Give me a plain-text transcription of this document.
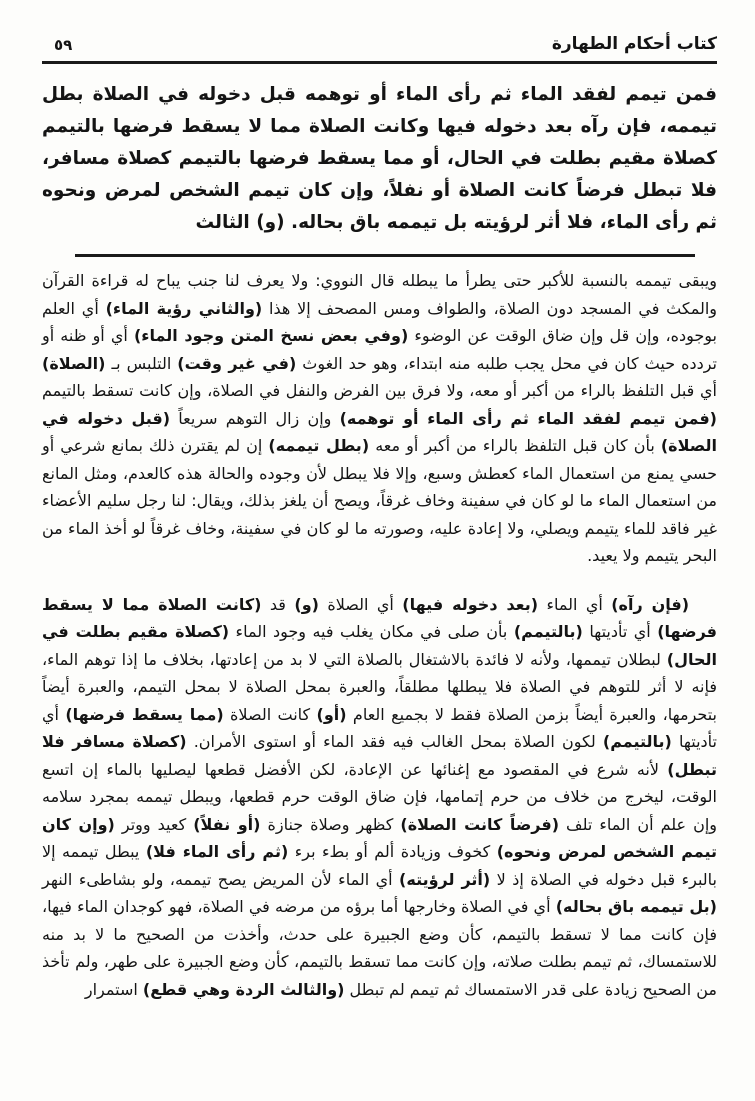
كتاب أحكام الطهارة
٥٩
فمن تيمم لفقد الماء ثم رأى الماء أو توهمه قبل دخوله في الصلاة بطل تيممه، فإن رآه بعد دخوله فيها وكانت الصلاة مما لا يسقط فرضها بالتيمم كصلاة مقيم بطلت في الحال، أو مما يسقط فرضها بالتيمم كصلاة مسافر، فلا تبطل فرضاً كانت الصلاة أو نفلاً، وإن كان تيمم الشخص لمرض ونحوه ثم رأى الماء، فلا أثر لرؤيته بل تيممه باق بحاله. (و) الثالث

ويبقى تيممه بالنسبة للأكبر حتى يطرأ ما يبطله قال النووي: ولا يعرف لنا جنب يباح له قراءة القرآن والمكث في المسجد دون الصلاة، والطواف ومس المصحف إلا هذا (والثاني رؤية الماء) أي العلم بوجوده، وإن قل وإن ضاق الوقت عن الوضوء (وفي بعض نسخ المتن وجود الماء) أي أو ظنه أو تردده حيث كان في محل يجب طلبه منه ابتداء، وهو حد الغوث (في غير وقت) التلبس بـ (الصلاة) أي قبل التلفظ بالراء من أكبر أو معه، ولا فرق بين الفرض والنفل في الصلاة، وإن كانت تسقط بالتيمم (فمن تيمم لفقد الماء ثم رأى الماء أو توهمه) وإن زال التوهم سريعاً (قبل دخوله في الصلاة) بأن كان قبل التلفظ بالراء من أكبر أو معه (بطل تيممه) إن لم يقترن ذلك بمانع شرعي أو حسي يمنع من استعمال الماء كعطش وسبع، وإلا فلا يبطل لأن وجوده والحالة هذه كالعدم، ومثل المانع من استعمال الماء ما لو كان في سفينة وخاف غرقاً، ويصح أن يلغز بذلك، ويقال: لنا رجل سليم الأعضاء غير فاقد للماء يتيمم ويصلي، ولا إعادة عليه، وصورته ما لو كان في سفينة، وخاف غرقاً لو أخذ الماء من البحر يتيمم ولا يعيد.

(فإن رآه) أي الماء (بعد دخوله فيها) أي الصلاة (و) قد (كانت الصلاة مما لا يسقط فرضها) أي تأديتها (بالتيمم) بأن صلى في مكان يغلب فيه وجود الماء (كصلاة مقيم بطلت في الحال) لبطلان تيممها، ولأنه لا فائدة بالاشتغال بالصلاة التي لا بد من إعادتها، بخلاف ما إذا توهم الماء، فإنه لا أثر للتوهم في الصلاة فلا يبطلها مطلقاً، والعبرة بمحل الصلاة لا بمحل التيمم، والعبرة أيضاً بتحرمها، والعبرة أيضاً بزمن الصلاة فقط لا بجميع العام (أو) كانت الصلاة (مما يسقط فرضها) أي تأديتها (بالتيمم) لكون الصلاة بمحل الغالب فيه فقد الماء أو استوى الأمران. (كصلاة مسافر فلا تبطل) لأنه شرع في المقصود مع إغنائها عن الإعادة، لكن الأفضل قطعها ليصليها بالماء إن اتسع الوقت، ليخرج من خلاف من حرم إتمامها، فإن ضاق الوقت حرم قطعها، ويبطل تيممه بمجرد سلامه وإن علم أن الماء تلف (فرضاً كانت الصلاة) كظهر وصلاة جنازة (أو نفلاً) كعيد ووتر (وإن كان تيمم الشخص لمرض ونحوه) كخوف وزيادة ألم أو بطء برء (ثم رأى الماء فلا) يبطل تيممه إلا بالبرء قبل دخوله في الصلاة إذ لا (أثر لرؤيته) أي الماء لأن المريض يصح تيممه، ولو بشاطىء النهر (بل تيممه باق بحاله) أي في الصلاة وخارجها أما برؤه من مرضه في الصلاة، فهو كوجدان الماء فيها، فإن كانت مما لا تسقط بالتيمم، كأن وضع الجبيرة على حدث، وأخذت من الصحيح ما لا بد منه للاستمساك، ثم تيمم بطلت صلاته، وإن كانت مما تسقط بالتيمم، كأن وضع الجبيرة على طهر، ولم تأخذ من الصحيح زيادة على قدر الاستمساك ثم تيمم لم تبطل (والثالث الردة وهي قطع) استمرار
